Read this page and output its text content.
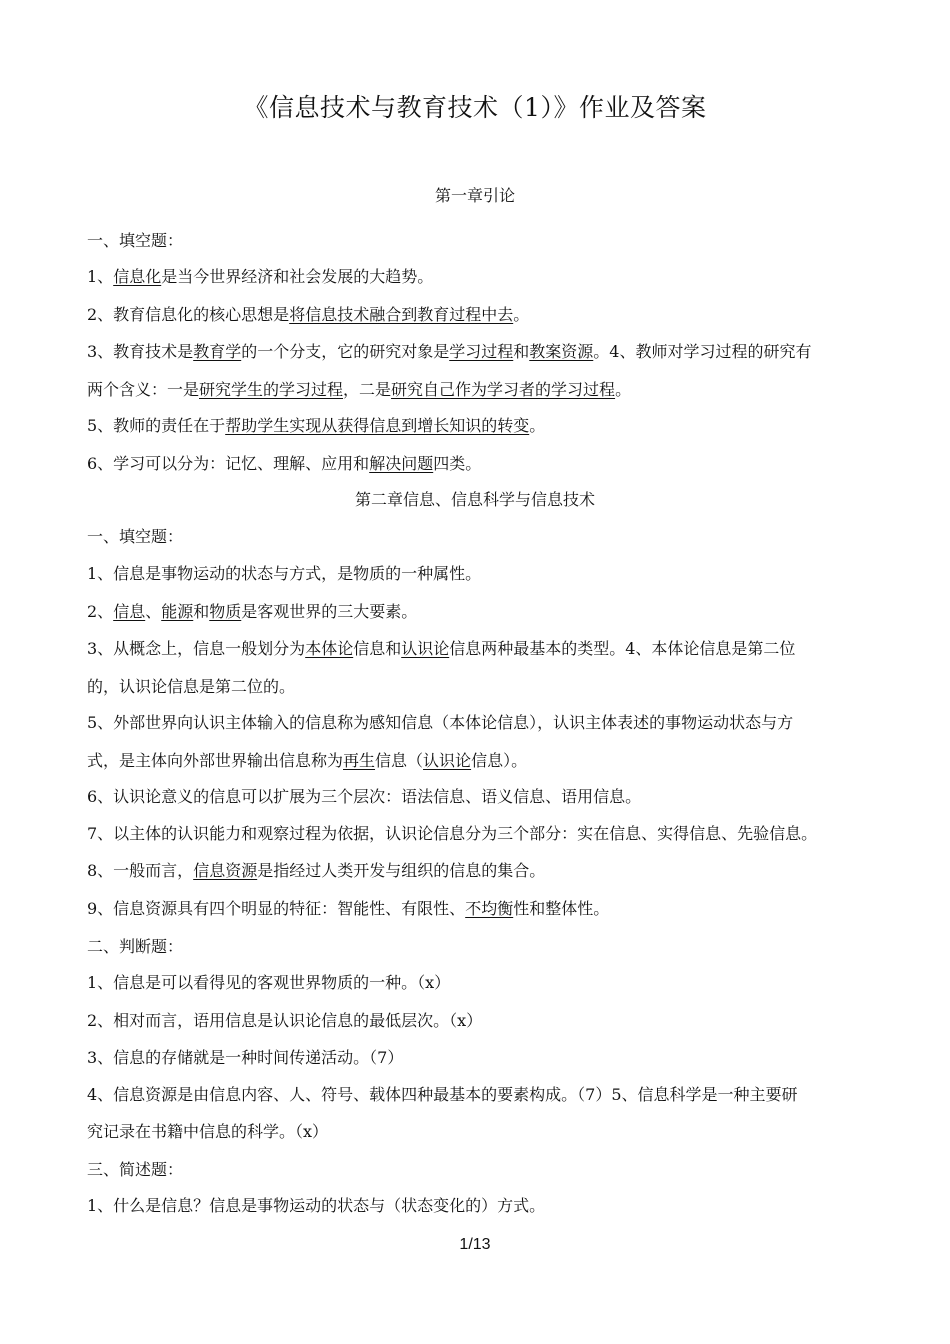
《信息技术与教育技术（1）》作业及答案
第一章引论
一、填空题：
1、信息化是当今世界经济和社会发展的大趋势。
2、教育信息化的核心思想是将信息技术融合到教育过程中去。
3、教育技术是教育学的一个分支，它的研究对象是学习过程和教案资源。4、教师对学习过程的研究有
两个含义：一是研究学生的学习过程，二是研究自己作为学习者的学习过程。
5、教师的责任在于帮助学生实现从获得信息到增长知识的转变。
6、学习可以分为：记忆、理解、应用和解决问题四类。
第二章信息、信息科学与信息技术
一、填空题：
1、信息是事物运动的状态与方式，是物质的一种属性。
2、信息、能源和物质是客观世界的三大要素。
3、从概念上，信息一般划分为本体论信息和认识论信息两种最基本的类型。4、本体论信息是第二位
的，认识论信息是第二位的。
5、外部世界向认识主体输入的信息称为感知信息（本体论信息），认识主体表述的事物运动状态与方
式，是主体向外部世界输出信息称为再生信息（认识论信息）。
6、认识论意义的信息可以扩展为三个层次：语法信息、语义信息、语用信息。
7、以主体的认识能力和观察过程为依据，认识论信息分为三个部分：实在信息、实得信息、先验信息。
8、一般而言，信息资源是指经过人类开发与组织的信息的集合。
9、信息资源具有四个明显的特征：智能性、有限性、不均衡性和整体性。
二、判断题：
1、信息是可以看得见的客观世界物质的一种。（x）
2、相对而言，语用信息是认识论信息的最低层次。（x）
3、信息的存储就是一种时间传递活动。（7）
4、信息资源是由信息内容、人、符号、载体四种最基本的要素构成。（7）5、信息科学是一种主要研
究记录在书籍中信息的科学。（x）
三、简述题：
1、什么是信息？信息是事物运动的状态与（状态变化的）方式。
1/13
